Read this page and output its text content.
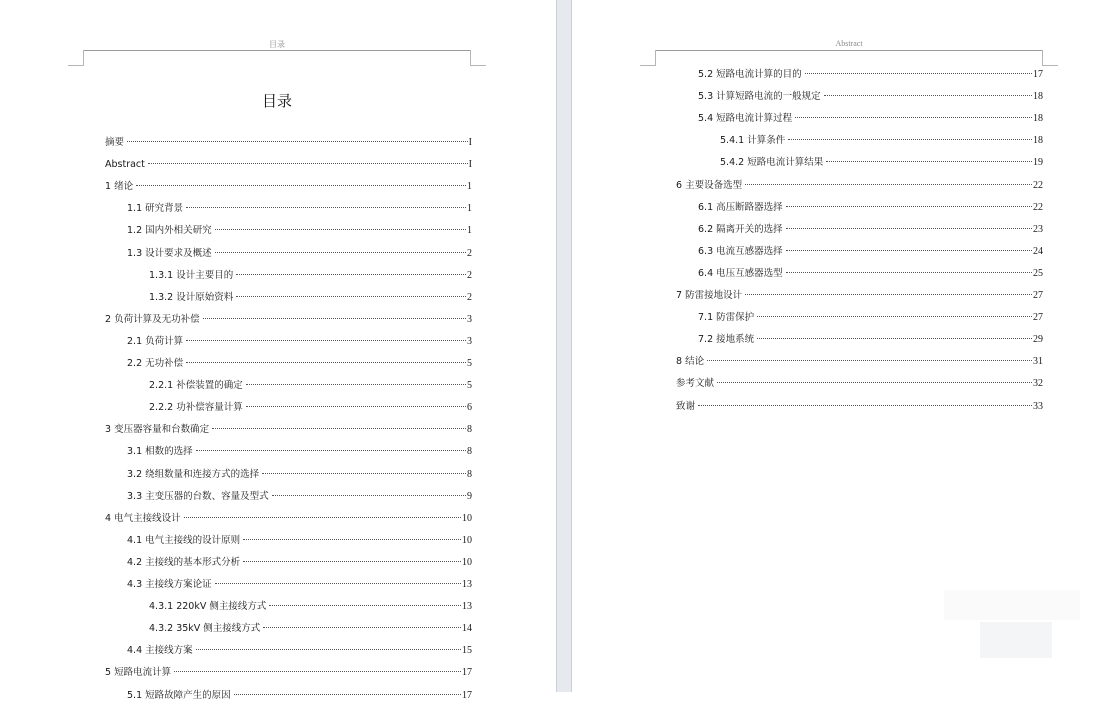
目录
目录
摘要	I
Abstract	I
1 绪论	1
1.1 研究背景	1
1.2 国内外相关研究	1
1.3 设计要求及概述	2
1.3.1 设计主要目的	2
1.3.2 设计原始资料	2
2 负荷计算及无功补偿	3
2.1 负荷计算	3
2.2 无功补偿	5
2.2.1 补偿装置的确定	5
2.2.2 功补偿容量计算	6
3 变压器容量和台数确定	8
3.1 相数的选择	8
3.2 绕组数量和连接方式的选择	8
3.3 主变压器的台数、容量及型式	9
4 电气主接线设计	10
4.1 电气主接线的设计原则	10
4.2 主接线的基本形式分析	10
4.3 主接线方案论证	13
4.3.1 220kV 侧主接线方式	13
4.3.2 35kV 侧主接线方式	14
4.4 主接线方案	15
5 短路电流计算	17
5.1 短路故障产生的原因	17
Abstract
5.2 短路电流计算的目的	17
5.3 计算短路电流的一般规定	18
5.4 短路电流计算过程	18
5.4.1 计算条件	18
5.4.2 短路电流计算结果	19
6 主要设备选型	22
6.1 高压断路器选择	22
6.2 隔离开关的选择	23
6.3 电流互感器选择	24
6.4 电压互感器选型	25
7 防雷接地设计	27
7.1 防雷保护	27
7.2 接地系统	29
8 结论	31
参考文献	32
致谢	33
